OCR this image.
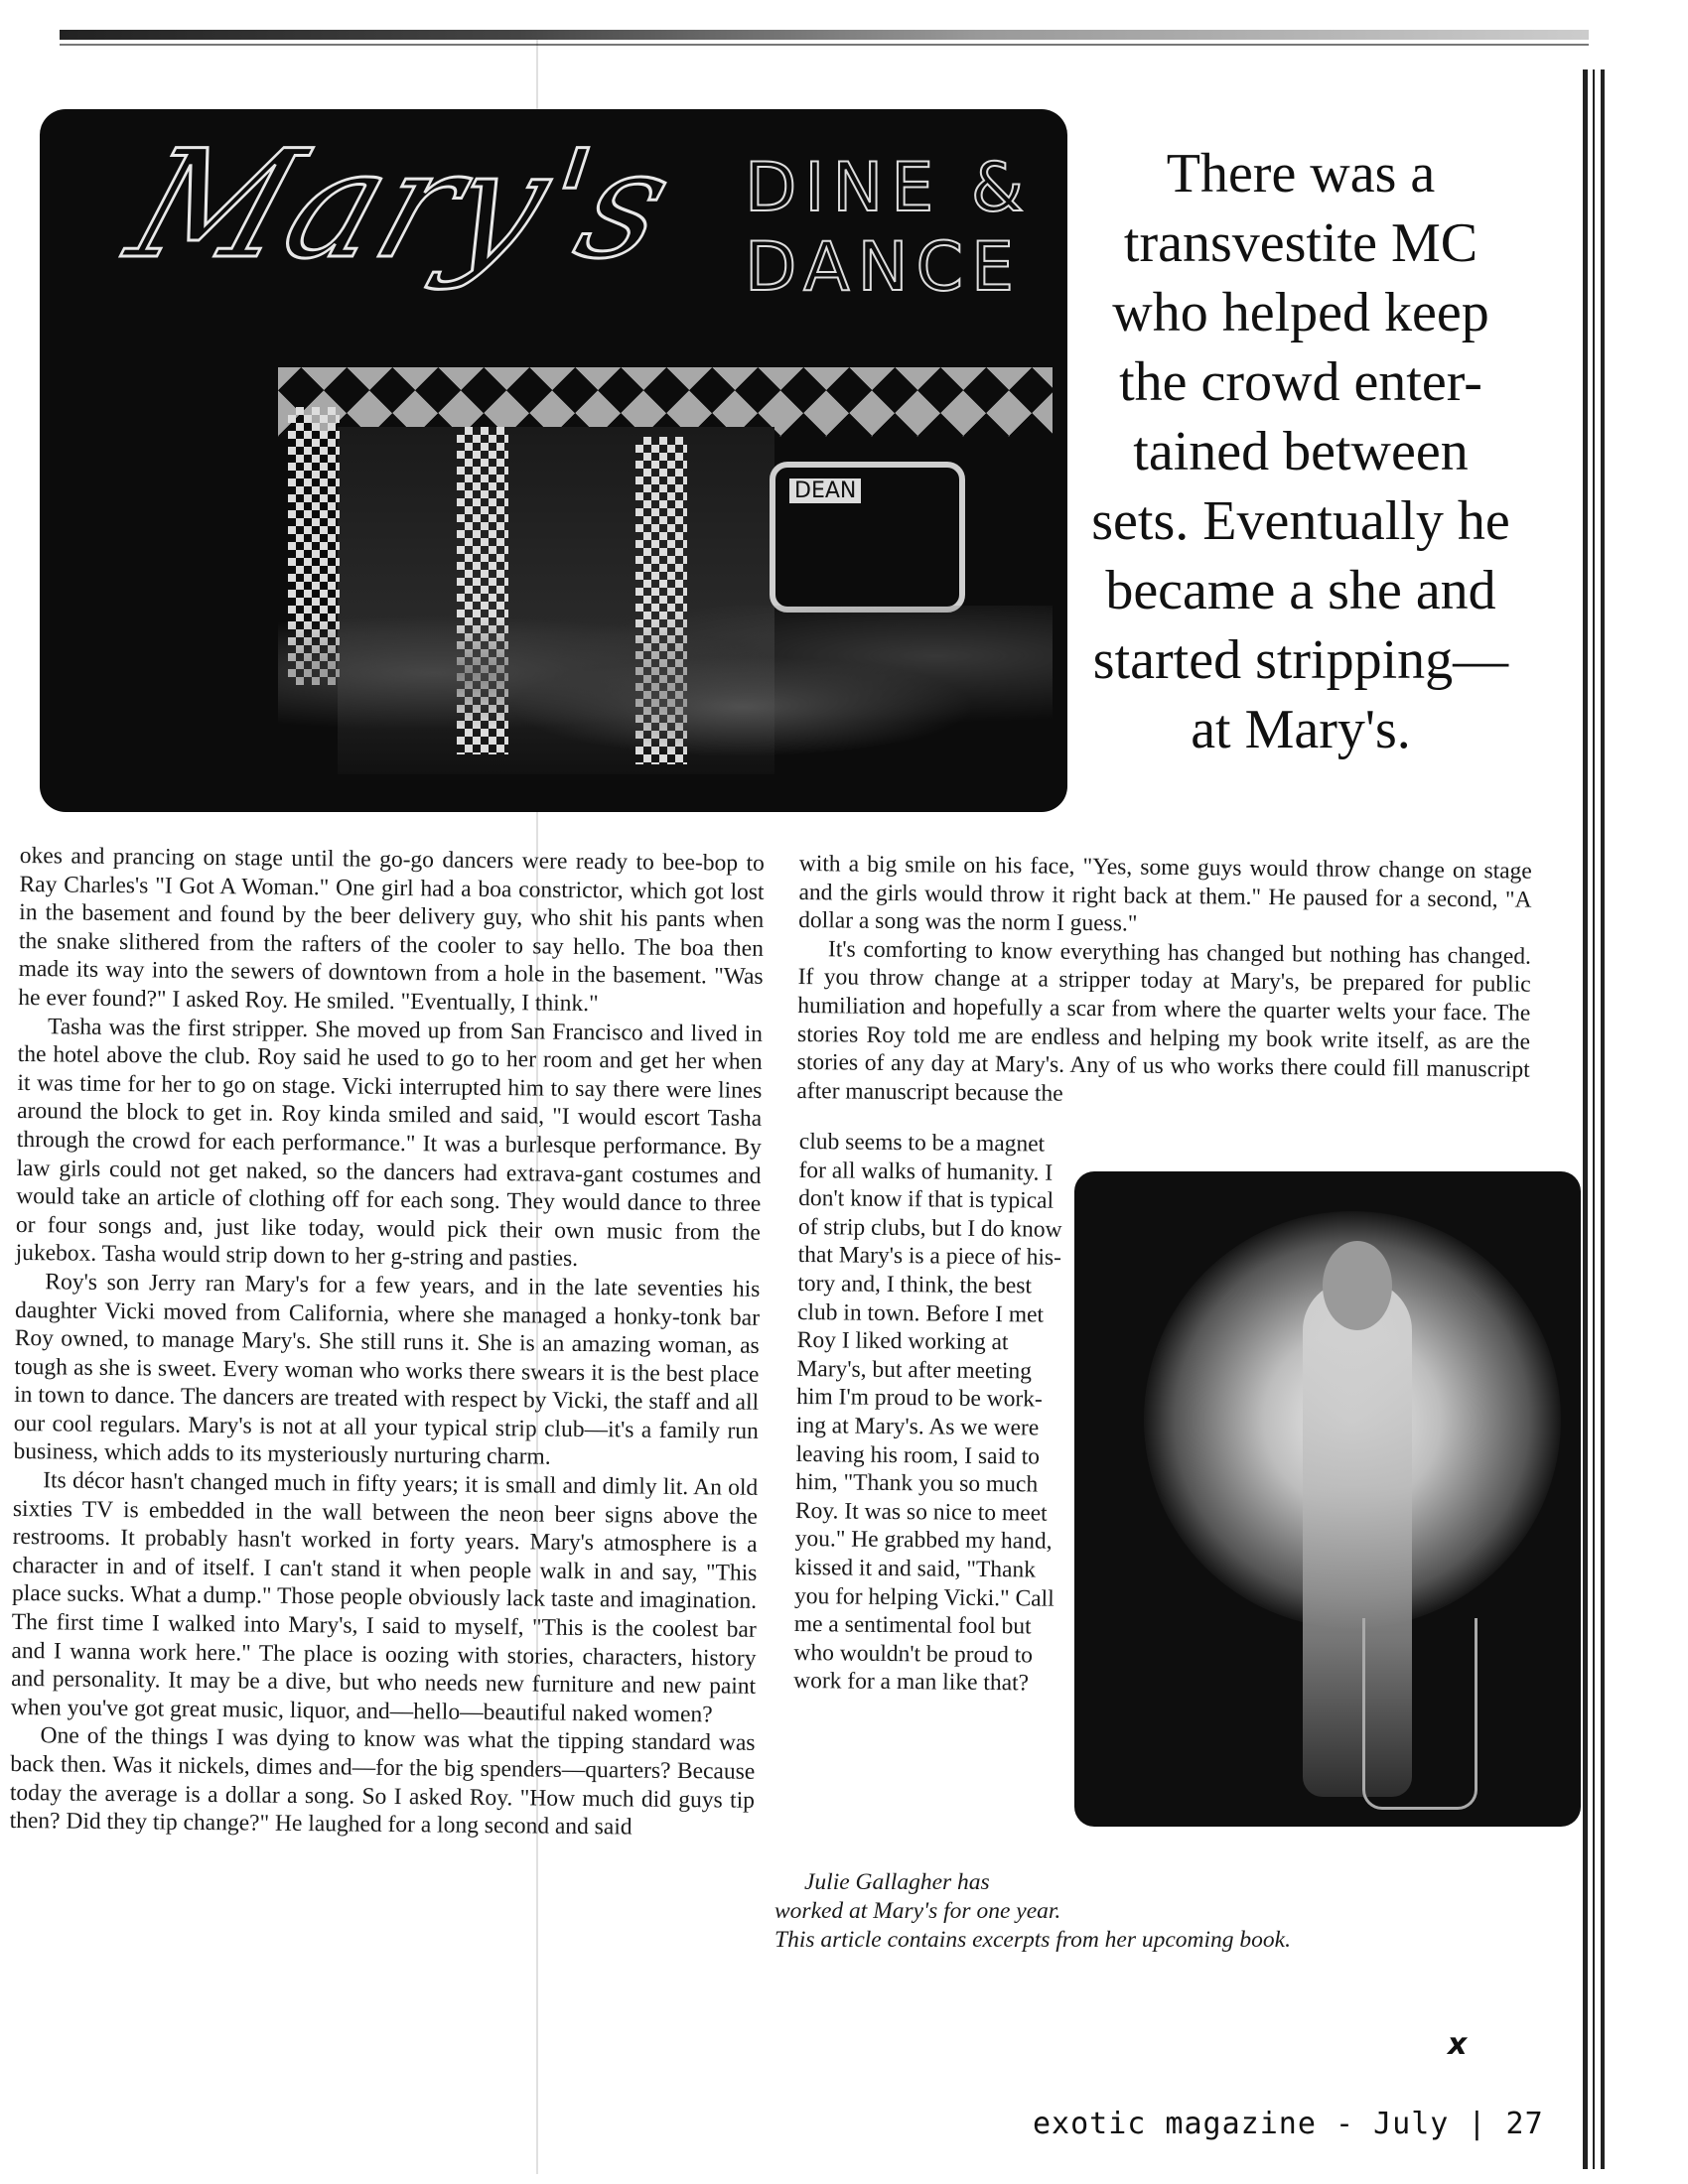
Mary's DINE &
DANCE
DEAN
There was a transvestite MC who helped keep the crowd enter-tained between sets. Eventually he became a she and started stripping—at Mary's.

okes and prancing on stage until the go-go dancers were ready to bee-bop to Ray Charles's "I Got A Woman." One girl had a boa constrictor, which got lost in the basement and found by the beer delivery guy, who shit his pants when the snake slithered from the rafters of the cooler to say hello. The boa then made its way into the sewers of downtown from a hole in the basement. "Was he ever found?" I asked Roy. He smiled. "Eventually, I think."

Tasha was the first stripper. She moved up from San Francisco and lived in the hotel above the club. Roy said he used to go to her room and get her when it was time for her to go on stage. Vicki interrupted him to say there were lines around the block to get in. Roy kinda smiled and said, "I would escort Tasha through the crowd for each performance." It was a burlesque performance. By law girls could not get naked, so the dancers had extrava-gant costumes and would take an article of clothing off for each song. They would dance to three or four songs and, just like today, would pick their own music from the jukebox. Tasha would strip down to her g-string and pasties.

Roy's son Jerry ran Mary's for a few years, and in the late seventies his daughter Vicki moved from California, where she managed a honky-tonk bar Roy owned, to manage Mary's. She still runs it. She is an amazing woman, as tough as she is sweet. Every woman who works there swears it is the best place in town to dance. The dancers are treated with respect by Vicki, the staff and all our cool regulars. Mary's is not at all your typical strip club—it's a family run business, which adds to its mysteriously nurturing charm.

Its décor hasn't changed much in fifty years; it is small and dimly lit. An old sixties TV is embedded in the wall between the neon beer signs above the restrooms. It probably hasn't worked in forty years. Mary's atmosphere is a character in and of itself. I can't stand it when people walk in and say, "This place sucks. What a dump." Those people obviously lack taste and imagination. The first time I walked into Mary's, I said to myself, "This is the coolest bar and I wanna work here." The place is oozing with stories, characters, history and personality. It may be a dive, but who needs new furniture and new paint when you've got great music, liquor, and—hello—beautiful naked women?

One of the things I was dying to know was what the tipping standard was back then. Was it nickels, dimes and—for the big spenders—quarters? Because today the average is a dollar a song. So I asked Roy. "How much did guys tip then? Did they tip change?" He laughed for a long second and said

with a big smile on his face, "Yes, some guys would throw change on stage and the girls would throw it right back at them." He paused for a second, "A dollar a song was the norm I guess."

It's comforting to know everything has changed but nothing has changed. If you throw change at a stripper today at Mary's, be prepared for public humiliation and hopefully a scar from where the quarter welts your face. The stories Roy told me are endless and helping my book write itself, as are the stories of any day at Mary's. Any of us who works there could fill manuscript after manuscript because the

club seems to be a magnet for all walks of humanity. I don't know if that is typical of strip clubs, but I do know that Mary's is a piece of his-tory and, I think, the best club in town. Before I met Roy I liked working at Mary's, but after meeting him I'm proud to be work-ing at Mary's. As we were leaving his room, I said to him, "Thank you so much Roy. It was so nice to meet you." He grabbed my hand, kissed it and said, "Thank you for helping Vicki." Call me a sentimental fool but who wouldn't be proud to work for a man like that?

Julie Gallagher has
worked at Mary's for one year.
This article contains excerpts from her upcoming book.
x
exotic magazine - July | 27
